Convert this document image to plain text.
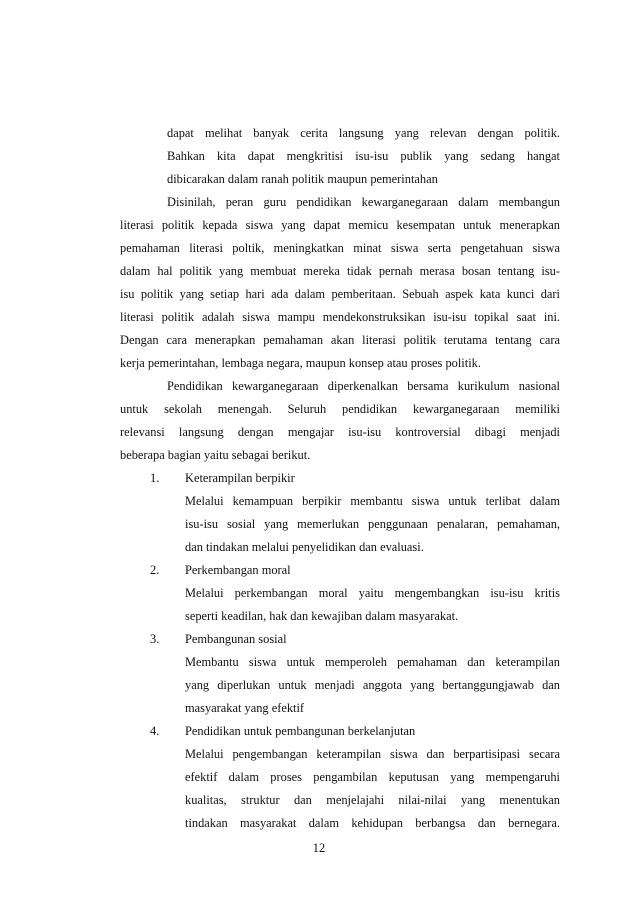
dapat melihat banyak cerita langsung yang relevan dengan politik.
Bahkan kita dapat mengkritisi isu-isu publik yang sedang hangat
dibicarakan dalam ranah politik maupun pemerintahan
Disinilah, peran guru pendidikan kewarganegaraan dalam membangun
literasi politik kepada siswa yang dapat memicu kesempatan untuk menerapkan
pemahaman literasi poltik, meningkatkan minat siswa serta pengetahuan siswa
dalam hal politik yang membuat mereka tidak pernah merasa bosan tentang isu-
isu politik yang setiap hari ada dalam pemberitaan. Sebuah aspek kata kunci dari
literasi politik adalah siswa mampu mendekonstruksikan isu-isu topikal saat ini.
Dengan cara menerapkan pemahaman akan literasi politik terutama tentang cara
kerja pemerintahan, lembaga negara, maupun konsep atau proses politik.
Pendidikan kewarganegaraan diperkenalkan bersama kurikulum nasional
untuk sekolah menengah. Seluruh pendidikan kewarganegaraan memiliki
relevansi langsung dengan mengajar isu-isu kontroversial dibagi menjadi
beberapa bagian yaitu sebagai berikut.
1. Keterampilan berpikir
Melalui kemampuan berpikir membantu siswa untuk terlibat dalam
isu-isu sosial yang memerlukan penggunaan penalaran, pemahaman,
dan tindakan melalui penyelidikan dan evaluasi.
2. Perkembangan moral
Melalui perkembangan moral yaitu mengembangkan isu-isu kritis
seperti keadilan, hak dan kewajiban dalam masyarakat.
3. Pembangunan sosial
Membantu siswa untuk memperoleh pemahaman dan keterampilan
yang diperlukan untuk menjadi anggota yang bertanggungjawab dan
masyarakat yang efektif
4. Pendidikan untuk pembangunan berkelanjutan
Melalui pengembangan keterampilan siswa dan berpartisipasi secara
efektif dalam proses pengambilan keputusan yang mempengaruhi
kualitas, struktur dan menjelajahi nilai-nilai yang menentukan
tindakan masyarakat dalam kehidupan berbangsa dan bernegara.
12
